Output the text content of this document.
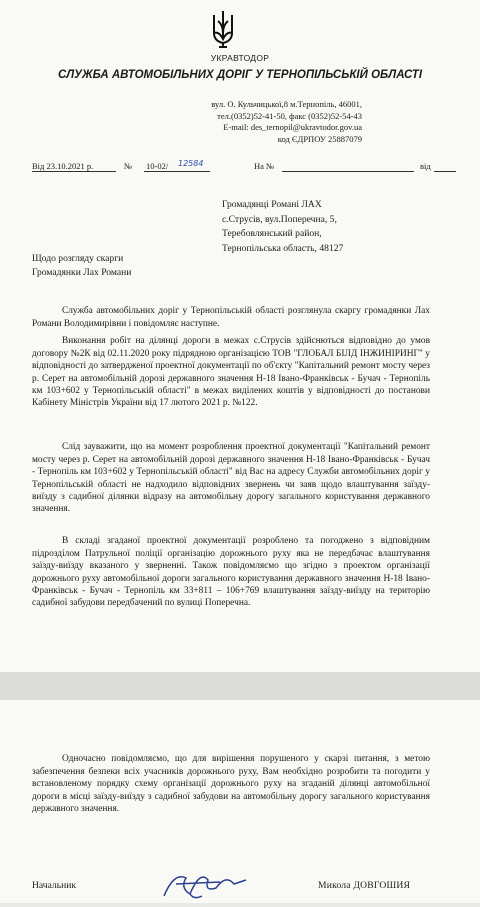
УКРАВТОДОР
СЛУЖБА АВТОМОБІЛЬНИХ ДОРІГ У ТЕРНОПІЛЬСЬКІЙ ОБЛАСТІ
вул. О. Кульчицької,8 м.Тернопіль, 46001,
тел.(0352)52-41-50, факс (0352)52-54-43
E-mail: des_ternopil@ukravtodor.gov.ua
код ЄДРПОУ 25887079
Від 23.10.2021 р.	№ 10-02/ 12584	На №	від
Громадянці Романі ЛАХ
с.Струсів, вул.Поперечна, 5,
Теребовлянський район,
Тернопільська область, 48127
Щодо розгляду скарги
Громадянки Лах Романи

Служба автомобільних доріг у Тернопільській області розглянула скаргу громадянки Лах Романи Володимирівни і повідомляє наступне.

Виконання робіт на ділянці дороги в межах с.Струсів здійснються відповідно до умов договору №2К від 02.11.2020 року підрядною організацією ТОВ "ГЛОБАЛ БІЛД ІНЖИНІРИНГ" у відповідності до затвердженої проектної документації по об'єкту "Капітальний ремонт мосту через р. Серет на автомобільній дорозі державного значення Н-18 Івано-Франківськ - Бучач - Тернопіль км 103+602 у Тернопільській області" в межах виділених коштів у відповідності до постанови Кабінету Міністрів України від 17 лютого 2021 р. №122.

Слід зауважити, що на момент розроблення проектної документації "Капітальний ремонт мосту через р. Серет на автомобільній дорозі державного значення Н-18 Івано-Франківськ - Бучач - Тернопіль км 103+602 у Тернопільській області" від Вас на адресу Служби автомобільних доріг у Тернопільській області не надходило відповідних звернень чи заяв щодо влаштування заїзду-виїзду з садибної ділянки відразу на автомобільну дорогу загального користування державного значення.

В складі згаданої проектної документації розроблено та погоджено з відповідним підрозділом Патрульної поліції організацію дорожнього руху яка не передбачає влаштування заїзду-виїзду вказаного у зверненні. Також повідомляємо що згідно з проектом організації дорожнього руху автомобільної дороги загального користування державного значення Н-18 Івано-Франківськ - Бучач - Тернопіль км 33+811 – 106+769 влаштування заїзду-виїзду на територію садибної забудови передбачений по вулиці Поперечна.

Одночасно повідомляємо, що для вирішення порушеного у скарзі питання, з метою забезпечення безпеки всіх учасників дорожнього руху, Вам необхідно розробити та погодити у встановленому порядку схему організації дорожнього руху на згаданій ділянці автомобільної дороги в місці заїзду-виїзду з садибної забудови на автомобільну дорогу загального користування державного значення.

Начальник	Микола ДОВГОШИЯ
